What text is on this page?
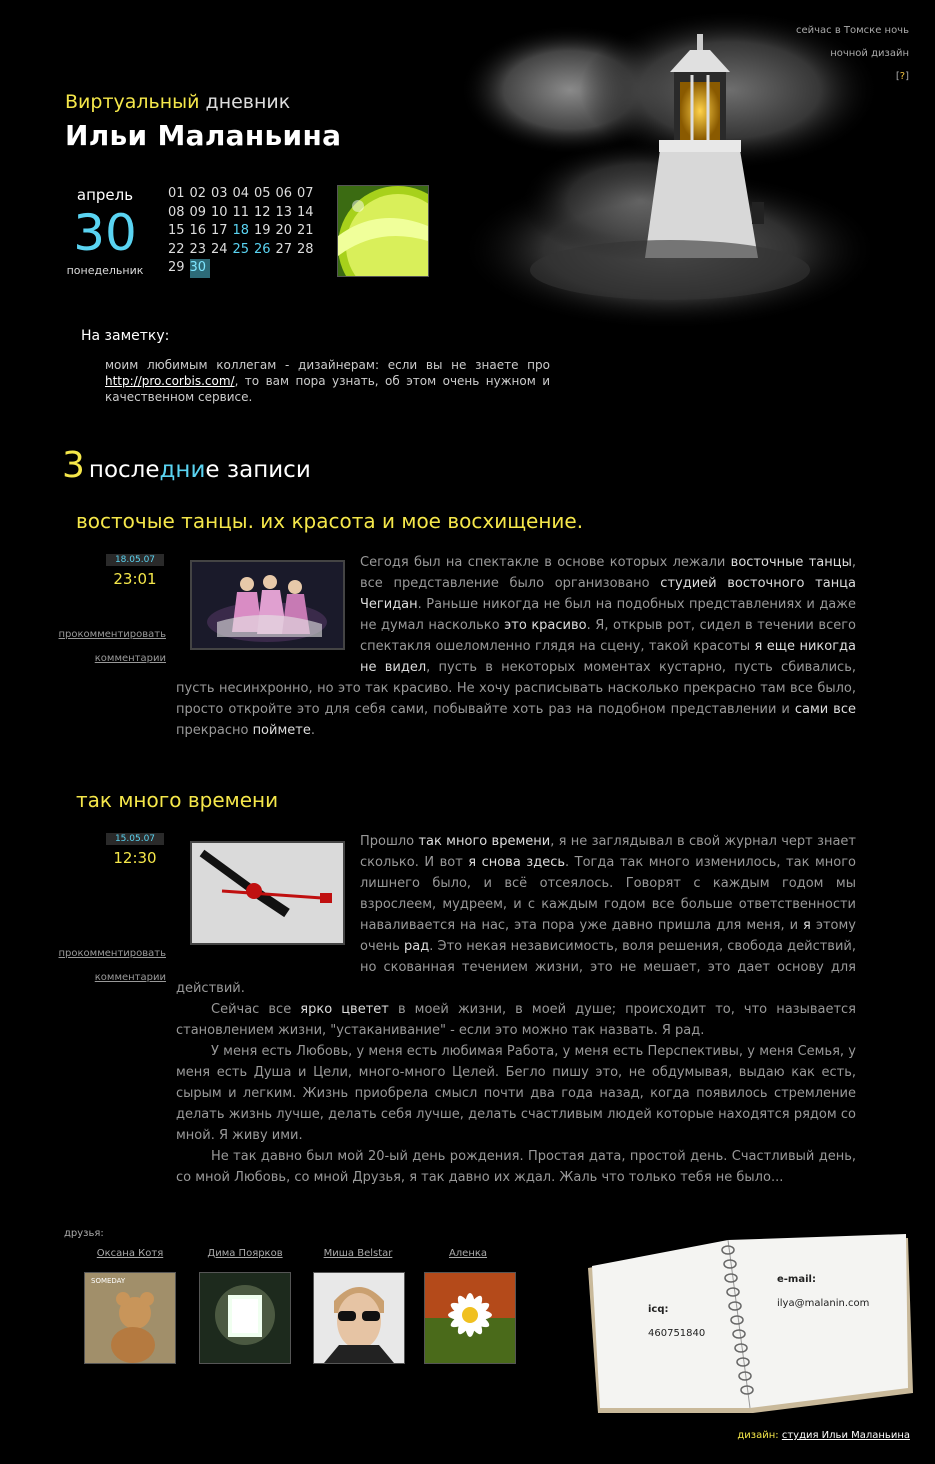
сейчас в Томске ночь
ночной дизайн
[?]
Виртуальный дневник
Ильи Маланьина
апрель
30
понедельник
01 02 03 04 05 06 07
08 09 10 11 12 13 14
15 16 17 18 19 20 21
22 23 24 25 26 27 28
29 30
На заметку:
моим любимым коллегам - дизайнерам: если вы не знаете про http://pro.corbis.com/, то вам пора узнать, об этом очень нужном и качественном сервисе.
3 последние записи
восточые танцы. их красота и мое восхищение.
18.05.07
23:01
прокомментировать
комментарии
Сегодя был на спектакле в основе которых лежали восточные танцы, все представление было организовано студией восточного танца Чегидан. Раньше никогда не был на подобных представлениях и даже не думал насколько это красиво. Я, открыв рот, сидел в течении всего спектакля ошеломленно глядя на сцену, такой красоты я еще никогда не видел, пусть в некоторых моментах кустарно, пусть сбивались, пусть несинхронно, но это так красиво. Не хочу расписывать насколько прекрасно там все было, просто откройте это для себя сами, побывайте хоть раз на подобном представлении и сами все прекрасно поймете.
так много времени
15.05.07
12:30
прокомментировать
комментарии
Прошло так много времени, я не заглядывал в свой журнал черт знает сколько. И вот я снова здесь. Тогда так много изменилось, так много лишнего было, и всё отсеялось. Говорят с каждым годом мы взрослеем, мудреем, и с каждым годом все больше ответственности наваливается на нас, эта пора уже давно пришла для меня, и я этому очень рад. Это некая независимость, воля решения, свобода действий, но скованная течением жизни, это не мешает, это дает основу для действий.
Сейчас все ярко цветет в моей жизни, в моей душе; происходит то, что называется становлением жизни, "устаканивание" - если это можно так назвать. Я рад.
У меня есть Любовь, у меня есть любимая Работа, у меня есть Перспективы, у меня Семья, у меня есть Душа и Цели, много-много Целей. Бегло пишу это, не обдумывая, выдаю как есть, сырым и легким. Жизнь приобрела смысл почти два года назад, когда появилось стремление делать жизнь лучше, делать себя лучше, делать счастливым людей которые находятся рядом со мной. Я живу ими.
Не так давно был мой 20-ый день рождения. Простая дата, простой день. Счастливый день, со мной Любовь, со мной Друзья, я так давно их ждал. Жаль что только тебя не было...
друзья:
Оксана Котя
SOMEDAY
Дима Поярков	Миша Belstar	Аленка
e-mail:
ilya@malanin.com
icq:
460751840
дизайн: студия Ильи Маланьина
